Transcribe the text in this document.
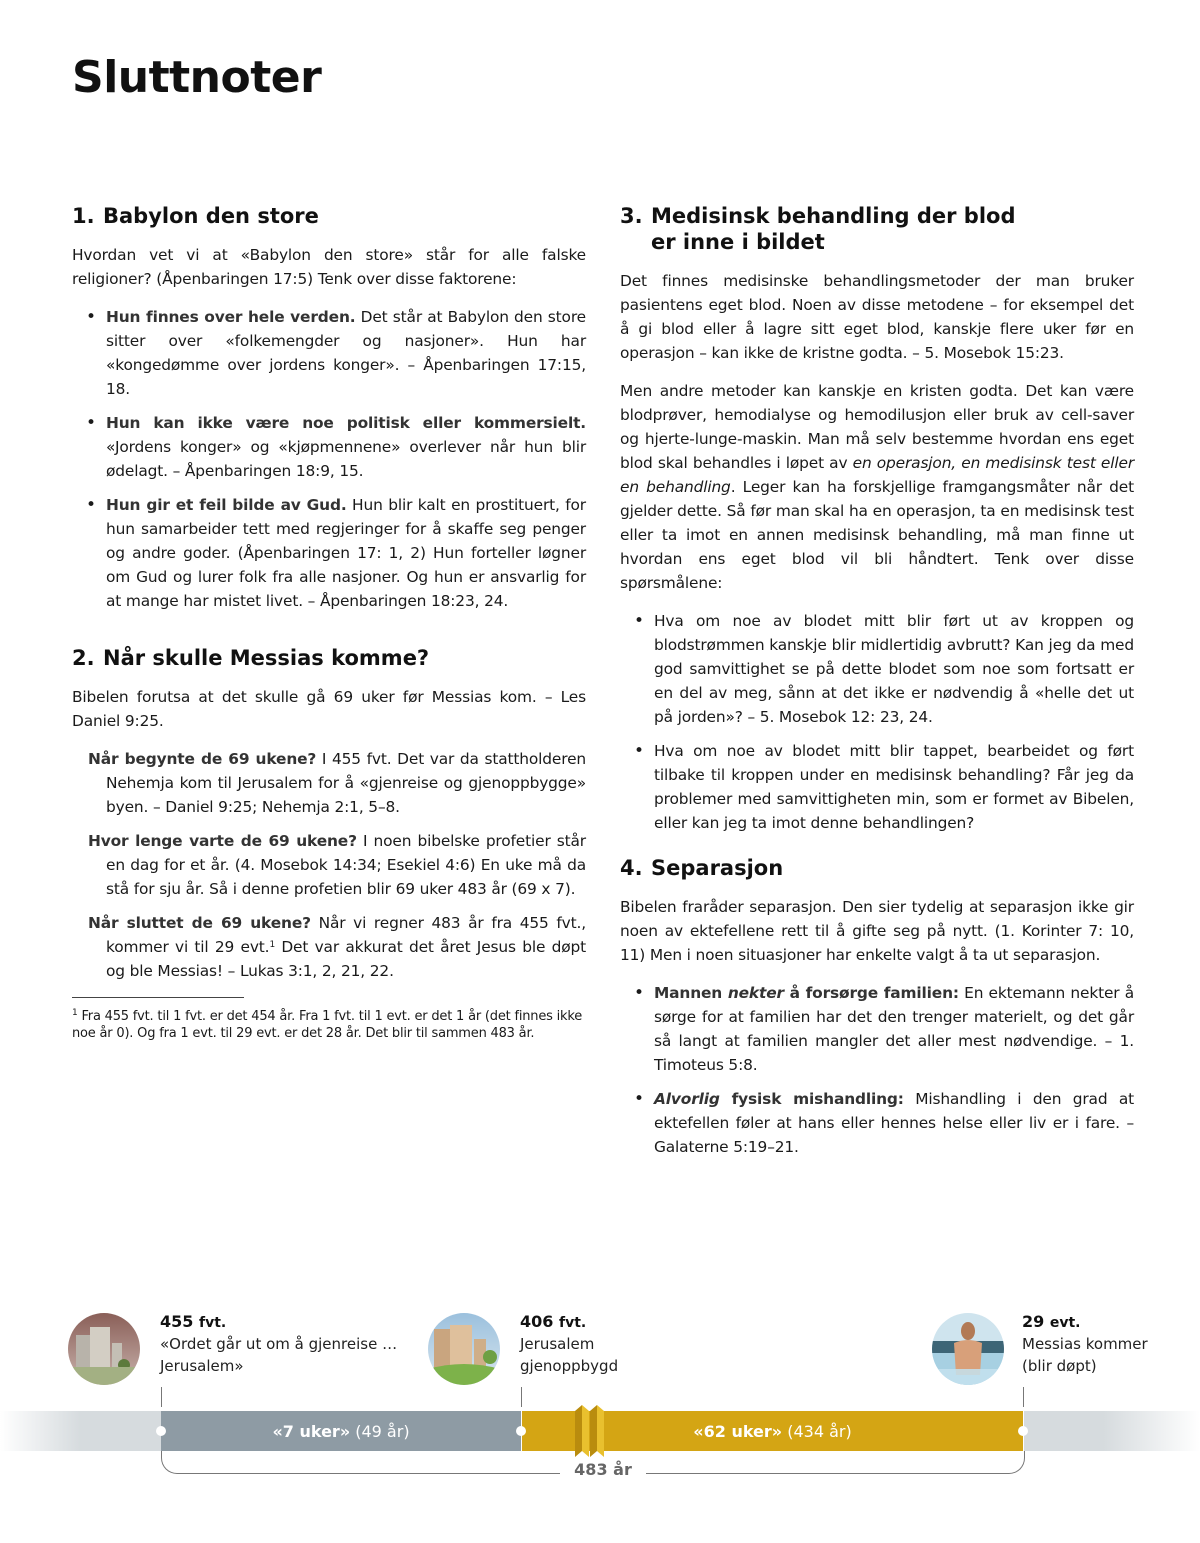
Sluttnoter
1. Babylon den store

Hvordan vet vi at «Babylon den store» står for alle falske religioner? (Åpenbaringen 17:5) Tenk over disse faktorene:

• Hun finnes over hele verden. Det står at Babylon den store sitter over «folkemengder og nasjoner». Hun har «kongedømme over jordens konger». – Åpenbaringen 17:15, 18.
• Hun kan ikke være noe politisk eller kommersielt. «Jordens konger» og «kjøpmennene» overlever når hun blir ødelagt. – Åpenbaringen 18:9, 15.
• Hun gir et feil bilde av Gud. Hun blir kalt en prostituert, for hun samarbeider tett med regjeringer for å skaffe seg penger og andre goder. (Åpenbaringen 17: 1, 2) Hun forteller løgner om Gud og lurer folk fra alle nasjoner. Og hun er ansvarlig for at mange har mistet livet. – Åpenbaringen 18:23, 24.
2. Når skulle Messias komme?

Bibelen forutsa at det skulle gå 69 uker før Messias kom. – Les Daniel 9:25.

Når begynte de 69 ukene? I 455 fvt. Det var da stattholderen Nehemja kom til Jerusalem for å «gjenreise og gjenoppbygge» byen. – Daniel 9:25; Nehemja 2:1, 5–8.

Hvor lenge varte de 69 ukene? I noen bibelske profetier står en dag for et år. (4. Mosebok 14:34; Esekiel 4:6) En uke må da stå for sju år. Så i denne profetien blir 69 uker 483 år (69 x 7).

Når sluttet de 69 ukene? Når vi regner 483 år fra 455 fvt., kommer vi til 29 evt.$^1$ Det var akkurat det året Jesus ble døpt og ble Messias! – Lukas 3:1, 2, 21, 22.

$^1$ Fra 455 fvt. til 1 fvt. er det 454 år. Fra 1 fvt. til 1 evt. er det 1 år (det finnes ikke noe år 0). Og fra 1 evt. til 29 evt. er det 28 år. Det blir til sammen 483 år.

3. Medisinsk behandling der blod
er inne i bildet

Det finnes medisinske behandlingsmetoder der man bruker pasientens eget blod. Noen av disse metodene – for eksempel det å gi blod eller å lagre sitt eget blod, kanskje flere uker før en operasjon – kan ikke de kristne godta. – 5. Mosebok 15:23.

Men andre metoder kan kanskje en kristen godta. Det kan være blodprøver, hemodialyse og hemodilusjon eller bruk av cell-saver og hjerte-lunge-maskin. Man må selv bestemme hvordan ens eget blod skal behandles i løpet av en operasjon, en medisinsk test eller en behandling. Leger kan ha forskjellige framgangsmåter når det gjelder dette. Så før man skal ha en operasjon, ta en medisinsk test eller ta imot en annen medisinsk behandling, må man finne ut hvordan ens eget blod vil bli håndtert. Tenk over disse spørsmålene:

• Hva om noe av blodet mitt blir ført ut av kroppen og blodstrømmen kanskje blir midlertidig avbrutt? Kan jeg da med god samvittighet se på dette blodet som noe som fortsatt er en del av meg, sånn at det ikke er nødvendig å «helle det ut på jorden»? – 5. Mosebok 12: 23, 24.
• Hva om noe av blodet mitt blir tappet, bearbeidet og ført tilbake til kroppen under en medisinsk behandling? Får jeg da problemer med samvittigheten min, som er formet av Bibelen, eller kan jeg ta imot denne behandlingen?
4. Separasjon

Bibelen fraråder separasjon. Den sier tydelig at separasjon ikke gir noen av ektefellene rett til å gifte seg på nytt. (1. Korinter 7: 10, 11) Men i noen situasjoner har enkelte valgt å ta ut separasjon.

• Mannen nekter å forsørge familien: En ektemann nekter å sørge for at familien har det den trenger materielt, og det går så langt at familien mangler det aller mest nødvendige. – 1. Timoteus 5:8.
• Alvorlig fysisk mishandling: Mishandling i den grad at ektefellen føler at hans eller hennes helse eller liv er i fare. – Galaterne 5:19–21.
455 fvt.
«Ordet går ut om å gjenreise …
Jerusalem»
406 fvt.
Jerusalem
gjenoppbygd
29 evt.
Messias kommer
(blir døpt)
«7 uker» (49 år)	«62 uker» (434 år)
483 år
